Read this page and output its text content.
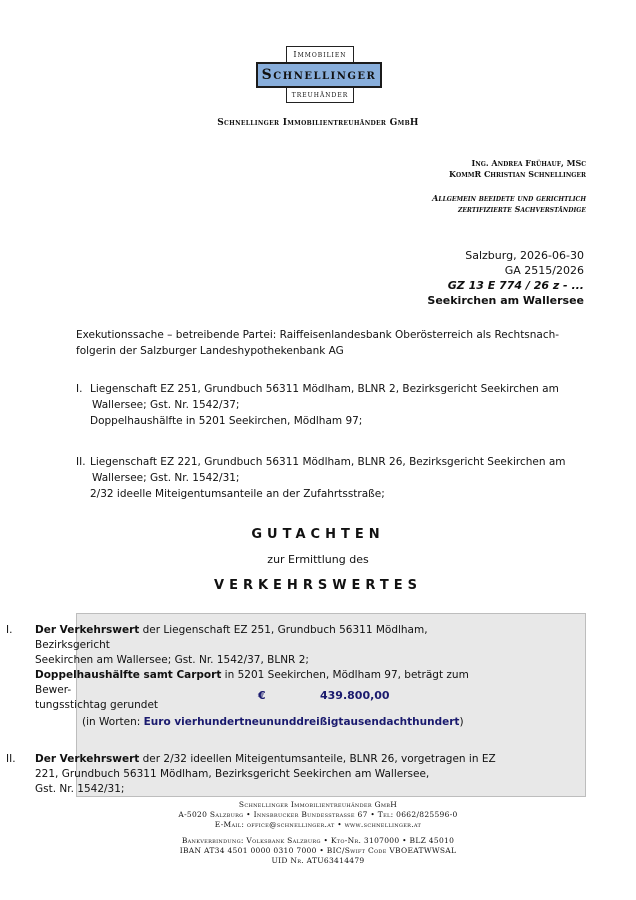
Immobilien
Schnellinger
treuhänder
Schnellinger Immobilientreuhänder GmbH
Ing. Andrea Frühauf, MSc
KommR Christian Schnellinger
Allgemein beeidete und gerichtlich
zertifizierte Sachverständige
Salzburg, 2026-06-30
GA 2515/2026
GZ 13 E 774 / 26 z - ...
Seekirchen am Wallersee
Exekutionssache – betreibende Partei: Raiffeisenlandesbank Oberösterreich als Rechtsnach-
folgerin der Salzburger Landeshypothekenbank AG
I. Liegenschaft EZ 251, Grundbuch 56311 Mödlham, BLNR 2, Bezirksgericht Seekirchen am
Wallersee; Gst. Nr. 1542/37;
Doppelhaushälfte in 5201 Seekirchen, Mödlham 97;
II. Liegenschaft EZ 221, Grundbuch 56311 Mödlham, BLNR 26, Bezirksgericht Seekirchen am
Wallersee; Gst. Nr. 1542/31;
2/32 ideelle Miteigentumsanteile an der Zufahrtsstraße;
GUTACHTEN
zur Ermittlung des
VERKEHRSWERTES
I. Der Verkehrswert der Liegenschaft EZ 251, Grundbuch 56311 Mödlham, Bezirksgericht
Seekirchen am Wallersee; Gst. Nr. 1542/37, BLNR 2;
Doppelhaushälfte samt Carport in 5201 Seekirchen, Mödlham 97, beträgt zum Bewer-
tungsstichtag gerundet
€	439.800,00
(in Worten: Euro vierhundertneununddreißigtausendachthundert)
II. Der Verkehrswert der 2/32 ideellen Miteigentumsanteile, BLNR 26, vorgetragen in EZ
221, Grundbuch 56311 Mödlham, Bezirksgericht Seekirchen am Wallersee,
Gst. Nr. 1542/31;
Schnellinger Immobilientreuhänder GmbH
A-5020 Salzburg • Innsbrucker Bundesstrasse 67 • Tel: 0662/825596-0
E-Mail: office@schnellinger.at • www.schnellinger.at
Bankverbindung: Volksbank Salzburg • Kto-Nr. 3107000 • BLZ 45010
IBAN AT34 4501 0000 0310 7000 • BIC/Swift Code VBOEATWWSAL
UID Nr. ATU63414479
